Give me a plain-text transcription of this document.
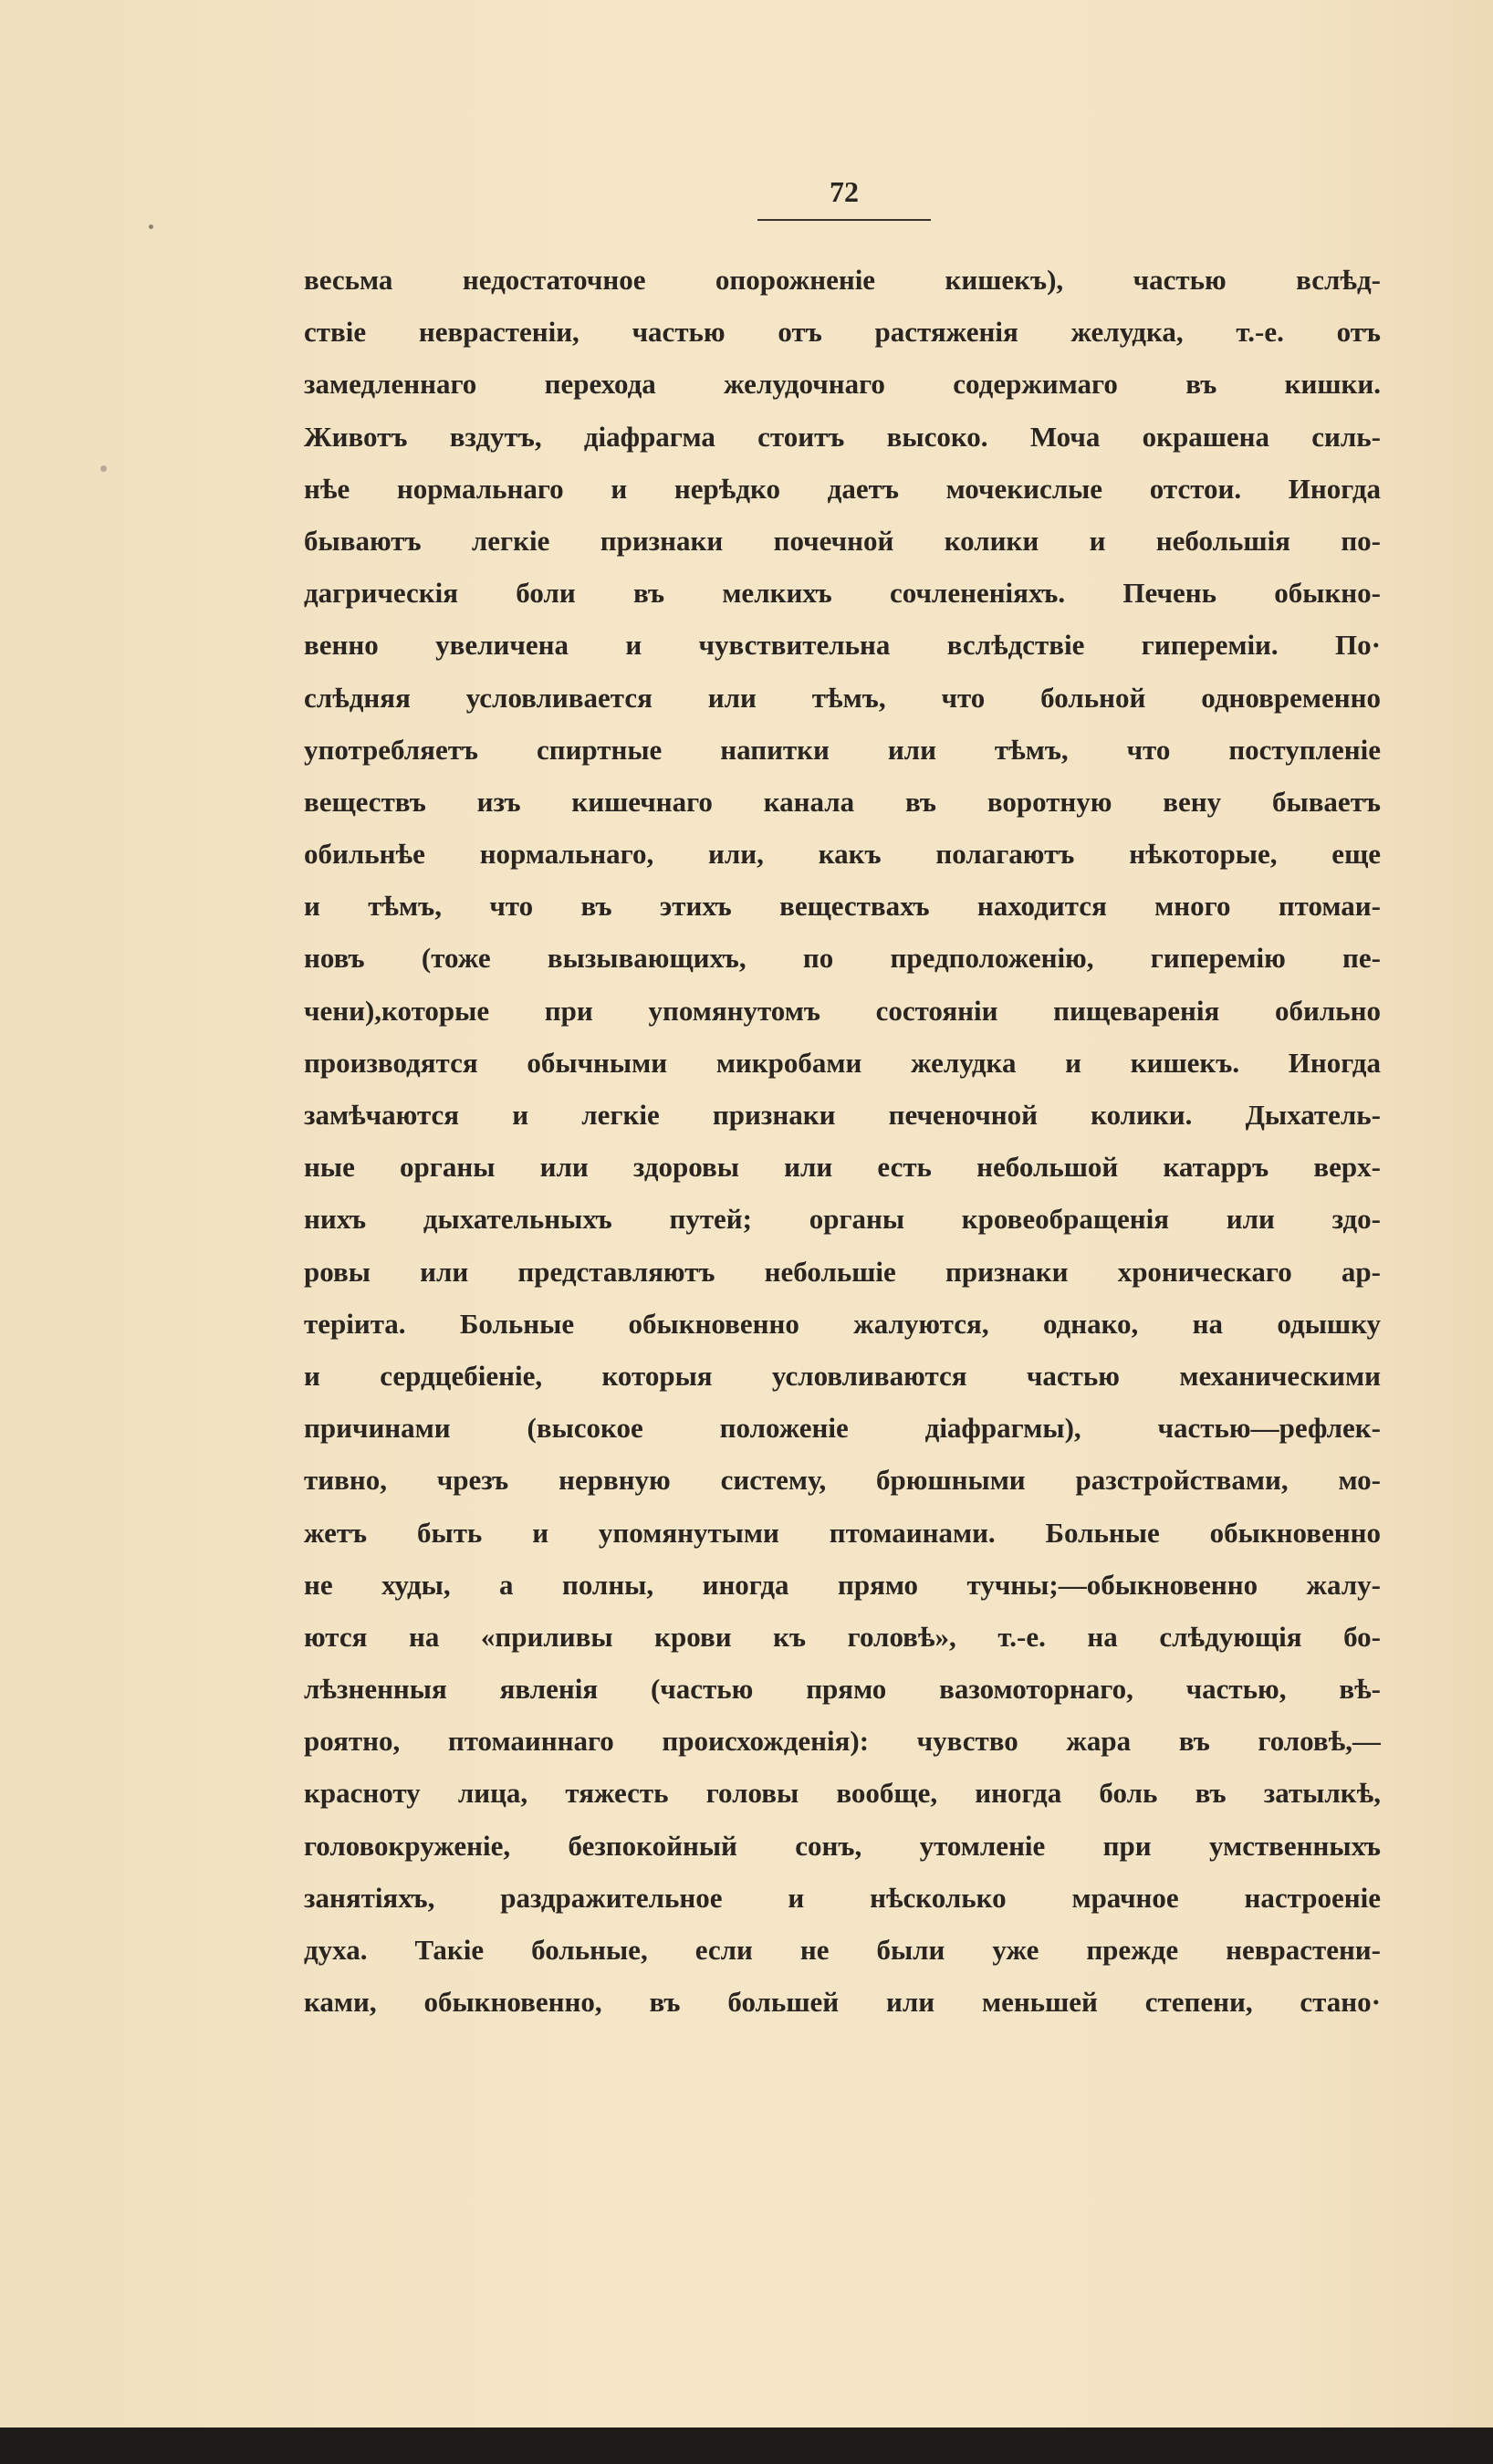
72
весьма недостаточное опорожненіе кишекъ), частью вслѣд-
ствіе неврастеніи, частью отъ растяженія желудка, т.-е. отъ
замедленнаго перехода желудочнаго содержимаго въ кишки.
Животъ вздутъ, діафрагма стоитъ высоко. Моча окрашена силь-
нѣе нормальнаго и нерѣдко даетъ мочекислые отстои. Иногда
бываютъ легкіе признаки почечной колики и небольшія по-
дагрическія боли въ мелкихъ сочлененіяхъ. Печень обыкно-
венно увеличена и чувствительна вслѣдствіе гипереміи. По·
слѣдняя условливается или тѣмъ, что больной одновременно
употребляетъ спиртные напитки или тѣмъ, что поступленіе
веществъ изъ кишечнаго канала въ воротную вену бываетъ
обильнѣе нормальнаго, или, какъ полагаютъ нѣкоторые, еще
и тѣмъ, что въ этихъ веществахъ находится много птомаи-
новъ (тоже вызывающихъ, по предположенію, гиперемію пе-
чени),которые при упомянутомъ состояніи пищеваренія обильно
производятся обычными микробами желудка и кишекъ. Иногда
замѣчаются и легкіе признаки печеночной колики. Дыхатель-
ные органы или здоровы или есть небольшой катарръ верх-
нихъ дыхательныхъ путей; органы кровеобращенія или здо-
ровы или представляютъ небольшіе признаки хроническаго ар-
теріита. Больные обыкновенно жалуются, однако, на одышку
и сердцебіеніе, которыя условливаются частью механическими
причинами (высокое положеніе діафрагмы), частью—рефлек-
тивно, чрезъ нервную систему, брюшными разстройствами, мо-
жетъ быть и упомянутыми птомаинами. Больные обыкновенно
не худы, а полны, иногда прямо тучны;—обыкновенно жалу-
ются на «приливы крови къ головѣ», т.-е. на слѣдующія бо-
лѣзненныя явленія (частью прямо вазомоторнаго, частью, вѣ-
роятно, птомаиннаго происхожденія): чувство жара въ головѣ,—
красноту лица, тяжесть головы вообще, иногда боль въ затылкѣ,
головокруженіе, безпокойный сонъ, утомленіе при умственныхъ
занятіяхъ, раздражительное и нѣсколько мрачное настроеніе
духа. Такіе больные, если не были уже прежде неврастени-
ками, обыкновенно, въ большей или меньшей степени, стано·
